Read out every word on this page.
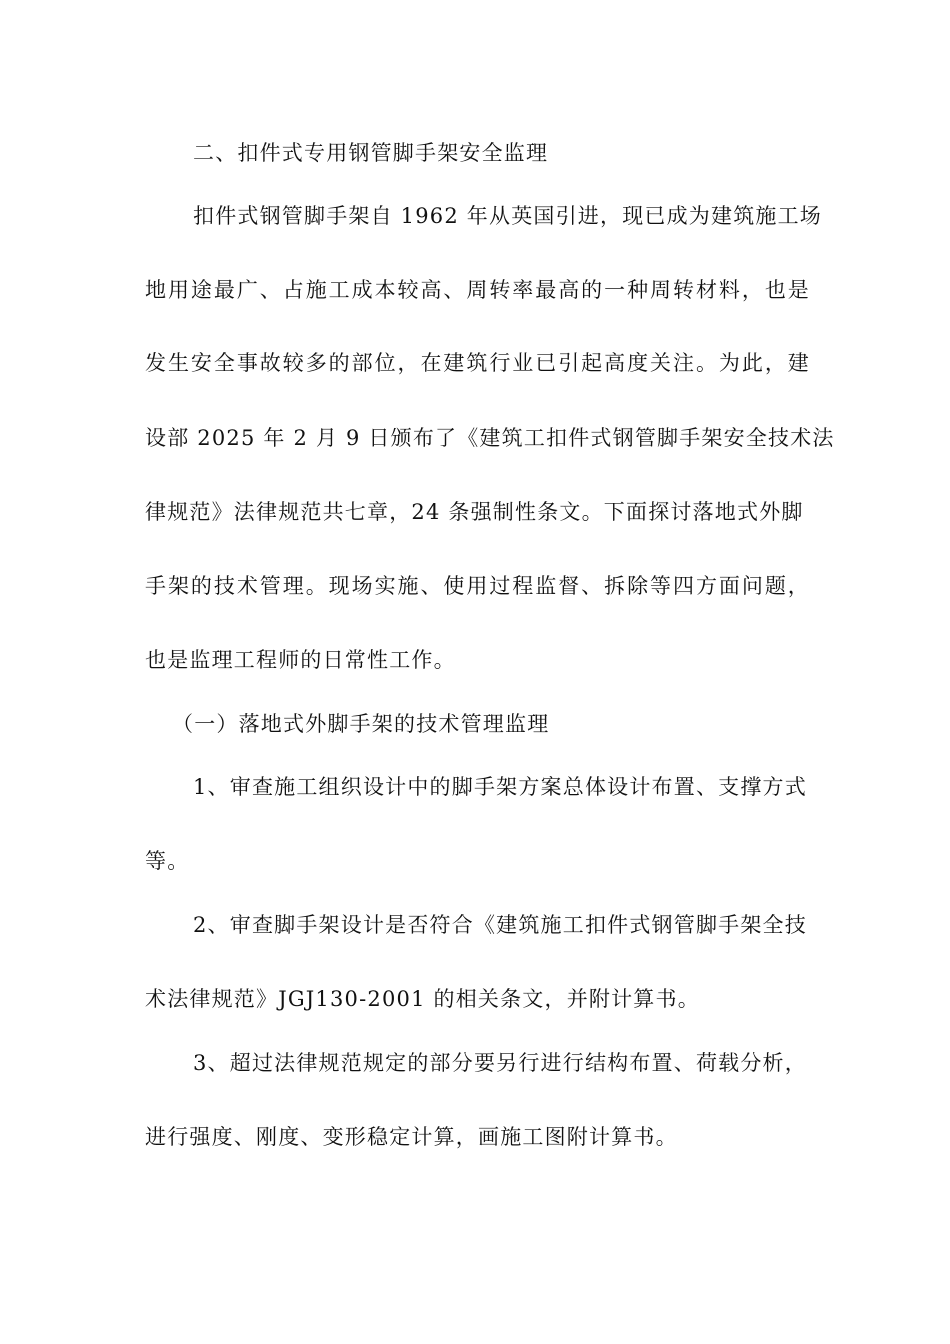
二、扣件式专用钢管脚手架安全监理
扣件式钢管脚手架自 1962 年从英国引进，现已成为建筑施工场
地用途最广、占施工成本较高、周转率最高的一种周转材料，也是
发生安全事故较多的部位，在建筑行业已引起高度关注。为此，建
设部 2025 年 2 月 9 日颁布了《建筑工扣件式钢管脚手架安全技术法
律规范》法律规范共七章，24 条强制性条文。下面探讨落地式外脚
手架的技术管理。现场实施、使用过程监督、拆除等四方面问题，
也是监理工程师的日常性工作。
（一）落地式外脚手架的技术管理监理
1、审查施工组织设计中的脚手架方案总体设计布置、支撑方式
等。
2、审查脚手架设计是否符合《建筑施工扣件式钢管脚手架全技
术法律规范》JGJ130-2001 的相关条文，并附计算书。
3、超过法律规范规定的部分要另行进行结构布置、荷载分析，
进行强度、刚度、变形稳定计算，画施工图附计算书。
